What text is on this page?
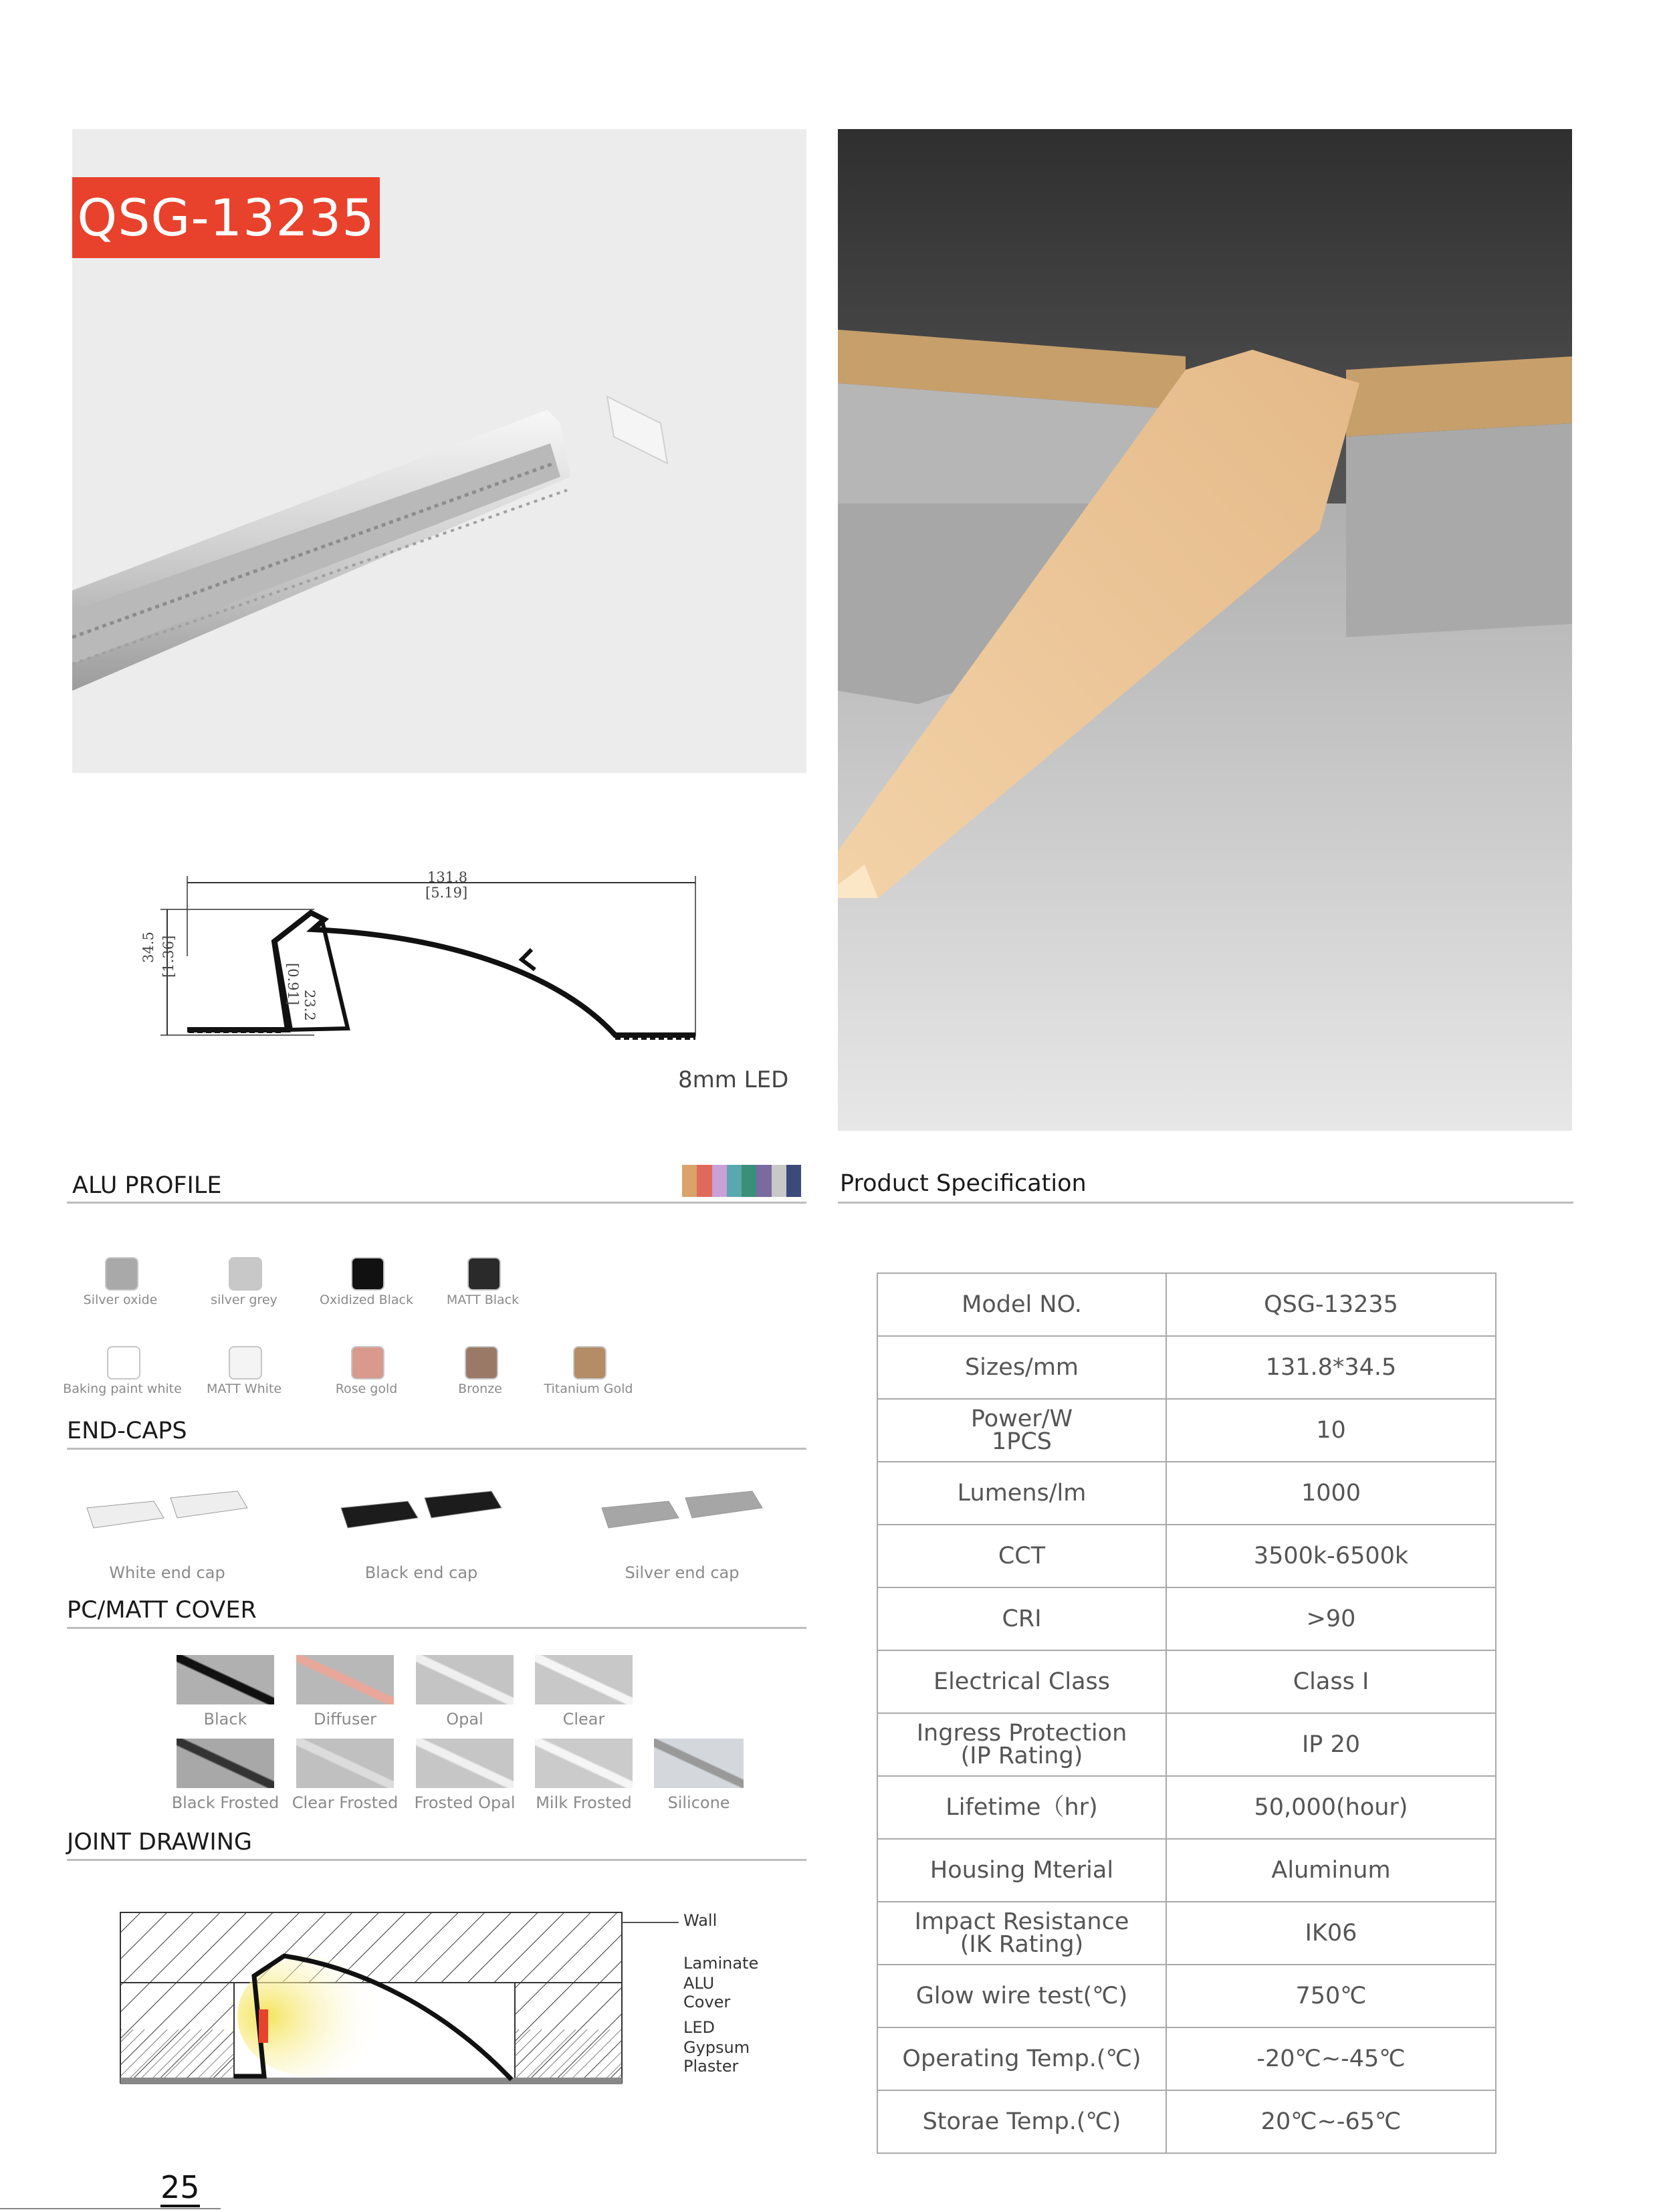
QSG-13235
131.8
[5.19]
34.5 [1.36]
23.2
[0.91]
8mm LED
ALU PROFILE
END-CAPS
PC/MATT COVER
JOINT DRAWING
Wall
Laminate
ALU
Cover
LED
Gypsum
Plaster
Product Specification
Model NO.	QSG-13235
Sizes/mm	131.8*34.5

Power/W
1PCS	10
Lumens/lm	1000
CCT	3500k-6500k
CRI	>90
Electrical Class	Class I

Ingress Protection
(IP Rating)	IP 20
Lifetime（hr)	50,000(hour)
Housing Mterial	Aluminum

Impact Resistance
(IK Rating)	IK06
Glow wire test(℃)	750℃
Operating Temp.(℃)	-20℃~-45℃
Storae Temp.(℃)	20℃~-65℃
25
Silver oxide	silver grey	Oxidized Black	MATT Black
Baking paint white	MATT White	Rose gold	Bronze	Titanium Gold
White end cap	Black end cap	Silver end cap
Black	Diffuser	Opal	Clear
Black Frosted Clear Frosted	Frosted Opal	Milk Frosted	Silicone
